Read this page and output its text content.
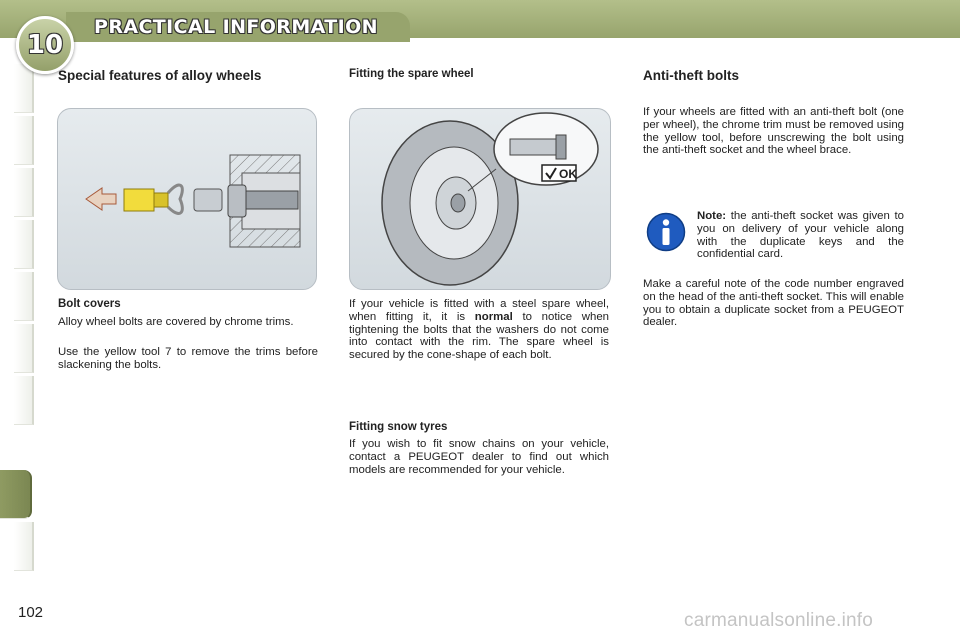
10
PRACTICAL INFORMATION
Special features of alloy wheels
Bolt covers

Alloy wheel bolts are covered by chrome trims.

Use the yellow tool 7 to remove the trims before slackening the bolts.

Fitting the spare wheel
OK

If your vehicle is fitted with a steel spare wheel, when fitting it, it is normal to notice when tightening the bolts that the washers do not come into contact with the rim. The spare wheel is secured by the cone-shape of each bolt.

Fitting snow tyres

If you wish to fit snow chains on your vehicle, contact a PEUGEOT dealer to find out which models are recommended for your vehicle.

Anti-theft bolts

If your wheels are fitted with an anti-theft bolt (one per wheel), the chrome trim must be removed using the yellow tool, before unscrewing the bolt using the anti-theft socket and the wheel brace.

Note: the anti-theft socket was given to you on delivery of your vehicle along with the duplicate keys and the confidential card.

Make a careful note of the code number engraved on the head of the anti-theft socket. This will enable you to obtain a duplicate socket from a PEUGEOT dealer.

102	carmanualsonline.info
